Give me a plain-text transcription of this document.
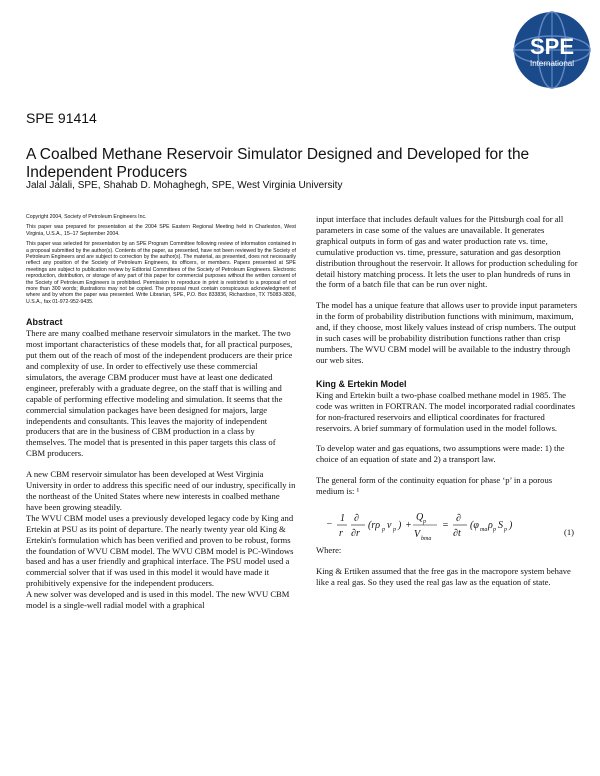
SPE
International
SPE 91414
A Coalbed Methane Reservoir Simulator Designed and Developed for the Independent Producers
Jalal Jalali, SPE, Shahab D. Mohaghegh, SPE, West Virginia University

Copyright 2004, Society of Petroleum Engineers Inc.

This paper was prepared for presentation at the 2004 SPE Eastern Regional Meeting held in Charleston, West Virginia, U.S.A., 15–17 September 2004.

This paper was selected for presentation by an SPE Program Committee following review of information contained in a proposal submitted by the author(s). Contents of the paper, as presented, have not been reviewed by the Society of Petroleum Engineers and are subject to correction by the author(s). The material, as presented, does not necessarily reflect any position of the Society of Petroleum Engineers, its officers, or members. Papers presented at SPE meetings are subject to publication review by Editorial Committees of the Society of Petroleum Engineers. Electronic reproduction, distribution, or storage of any part of this paper for commercial purposes without the written consent of the Society of Petroleum Engineers is prohibited. Permission to reproduce in print is restricted to a proposal of not more than 300 words; illustrations may not be copied. The proposal must contain conspicuous acknowledgment of where and by whom the paper was presented. Write Librarian, SPE, P.O. Box 833836, Richardson, TX 75083-3836, U.S.A., fax 01-972-952-9435.

Abstract

There are many coalbed methane reservoir simulators in the market. The two most important characteristics of these models that, for all practical purposes, put them out of the reach of most of the independent producers are their price and complexity of use. In order to effectively use these commercial simulators, the average CBM producer must have at least one dedicated engineer, preferably with a graduate degree, on the staff that is willing and capable of performing effective modeling and simulation. It seems that the commercial simulation packages have been designed for majors, large independents and consultants. This leaves the majority of independent producers that are in the business of CBM production in a class by themselves. The model that is presented in this paper targets this class of CBM producers.

A new CBM reservoir simulator has been developed at West Virginia University in order to address this specific need of our industry, specifically in the northeast of the United States where new interests in coalbed methane have been growing steadily.

The WVU CBM model uses a previously developed legacy code by King and Ertekin at PSU as its point of departure. The nearly twenty year old King & Ertekin's formulation which has been verified and proven to be robust, forms the foundation of WVU CBM model. The WVU CBM model is PC-Windows based and has a user friendly and graphical interface. The PSU model used a commercial solver that if was used in this model it would have made it prohibitively expensive for the independent producers.

A new solver was developed and is used in this model. The new WVU CBM model is a single-well radial model with a graphical

input interface that includes default values for the Pittsburgh coal for all parameters in case some of the values are unavailable. It generates graphical outputs in form of gas and water production rate vs. time, cumulative production vs. time, pressure, saturation and gas desorption distribution throughout the reservoir. It allows for production scheduling for detail history matching process. It lets the user to plan hundreds of runs in the form of a batch file that can be run over night.

The model has a unique feature that allows user to provide input parameters in the form of probability distribution functions with minimum, maximum, and, if they choose, most likely values instead of crisp numbers. The output in such cases will be probability distribution functions rather than crisp numbers. The WVU CBM model will be available to the industry through our web sites.

King & Ertekin Model

King and Ertekin built a two-phase coalbed methane model in 1985. The code was written in FORTRAN. The model incorporated radial coordinates for non-fractured reservoirs and elliptical coordinates for fractured reservoirs. A brief summary of formulation used in the model follows.

To develop water and gas equations, two assumptions were made: 1) the choice of an equation of state and 2) a transport law.

The general form of the continuity equation for phase ‘p’ in a porous medium is: ¹

−
1
r
∂
∂r
(rρ p v p ) +
Q p
V bma
=
∂
∂t
(φ ma ρ p S p )
(1)

Where:

King & Ertiken assumed that the free gas in the macropore system behave like a real gas. So they used the real gas law as the equation of state.
